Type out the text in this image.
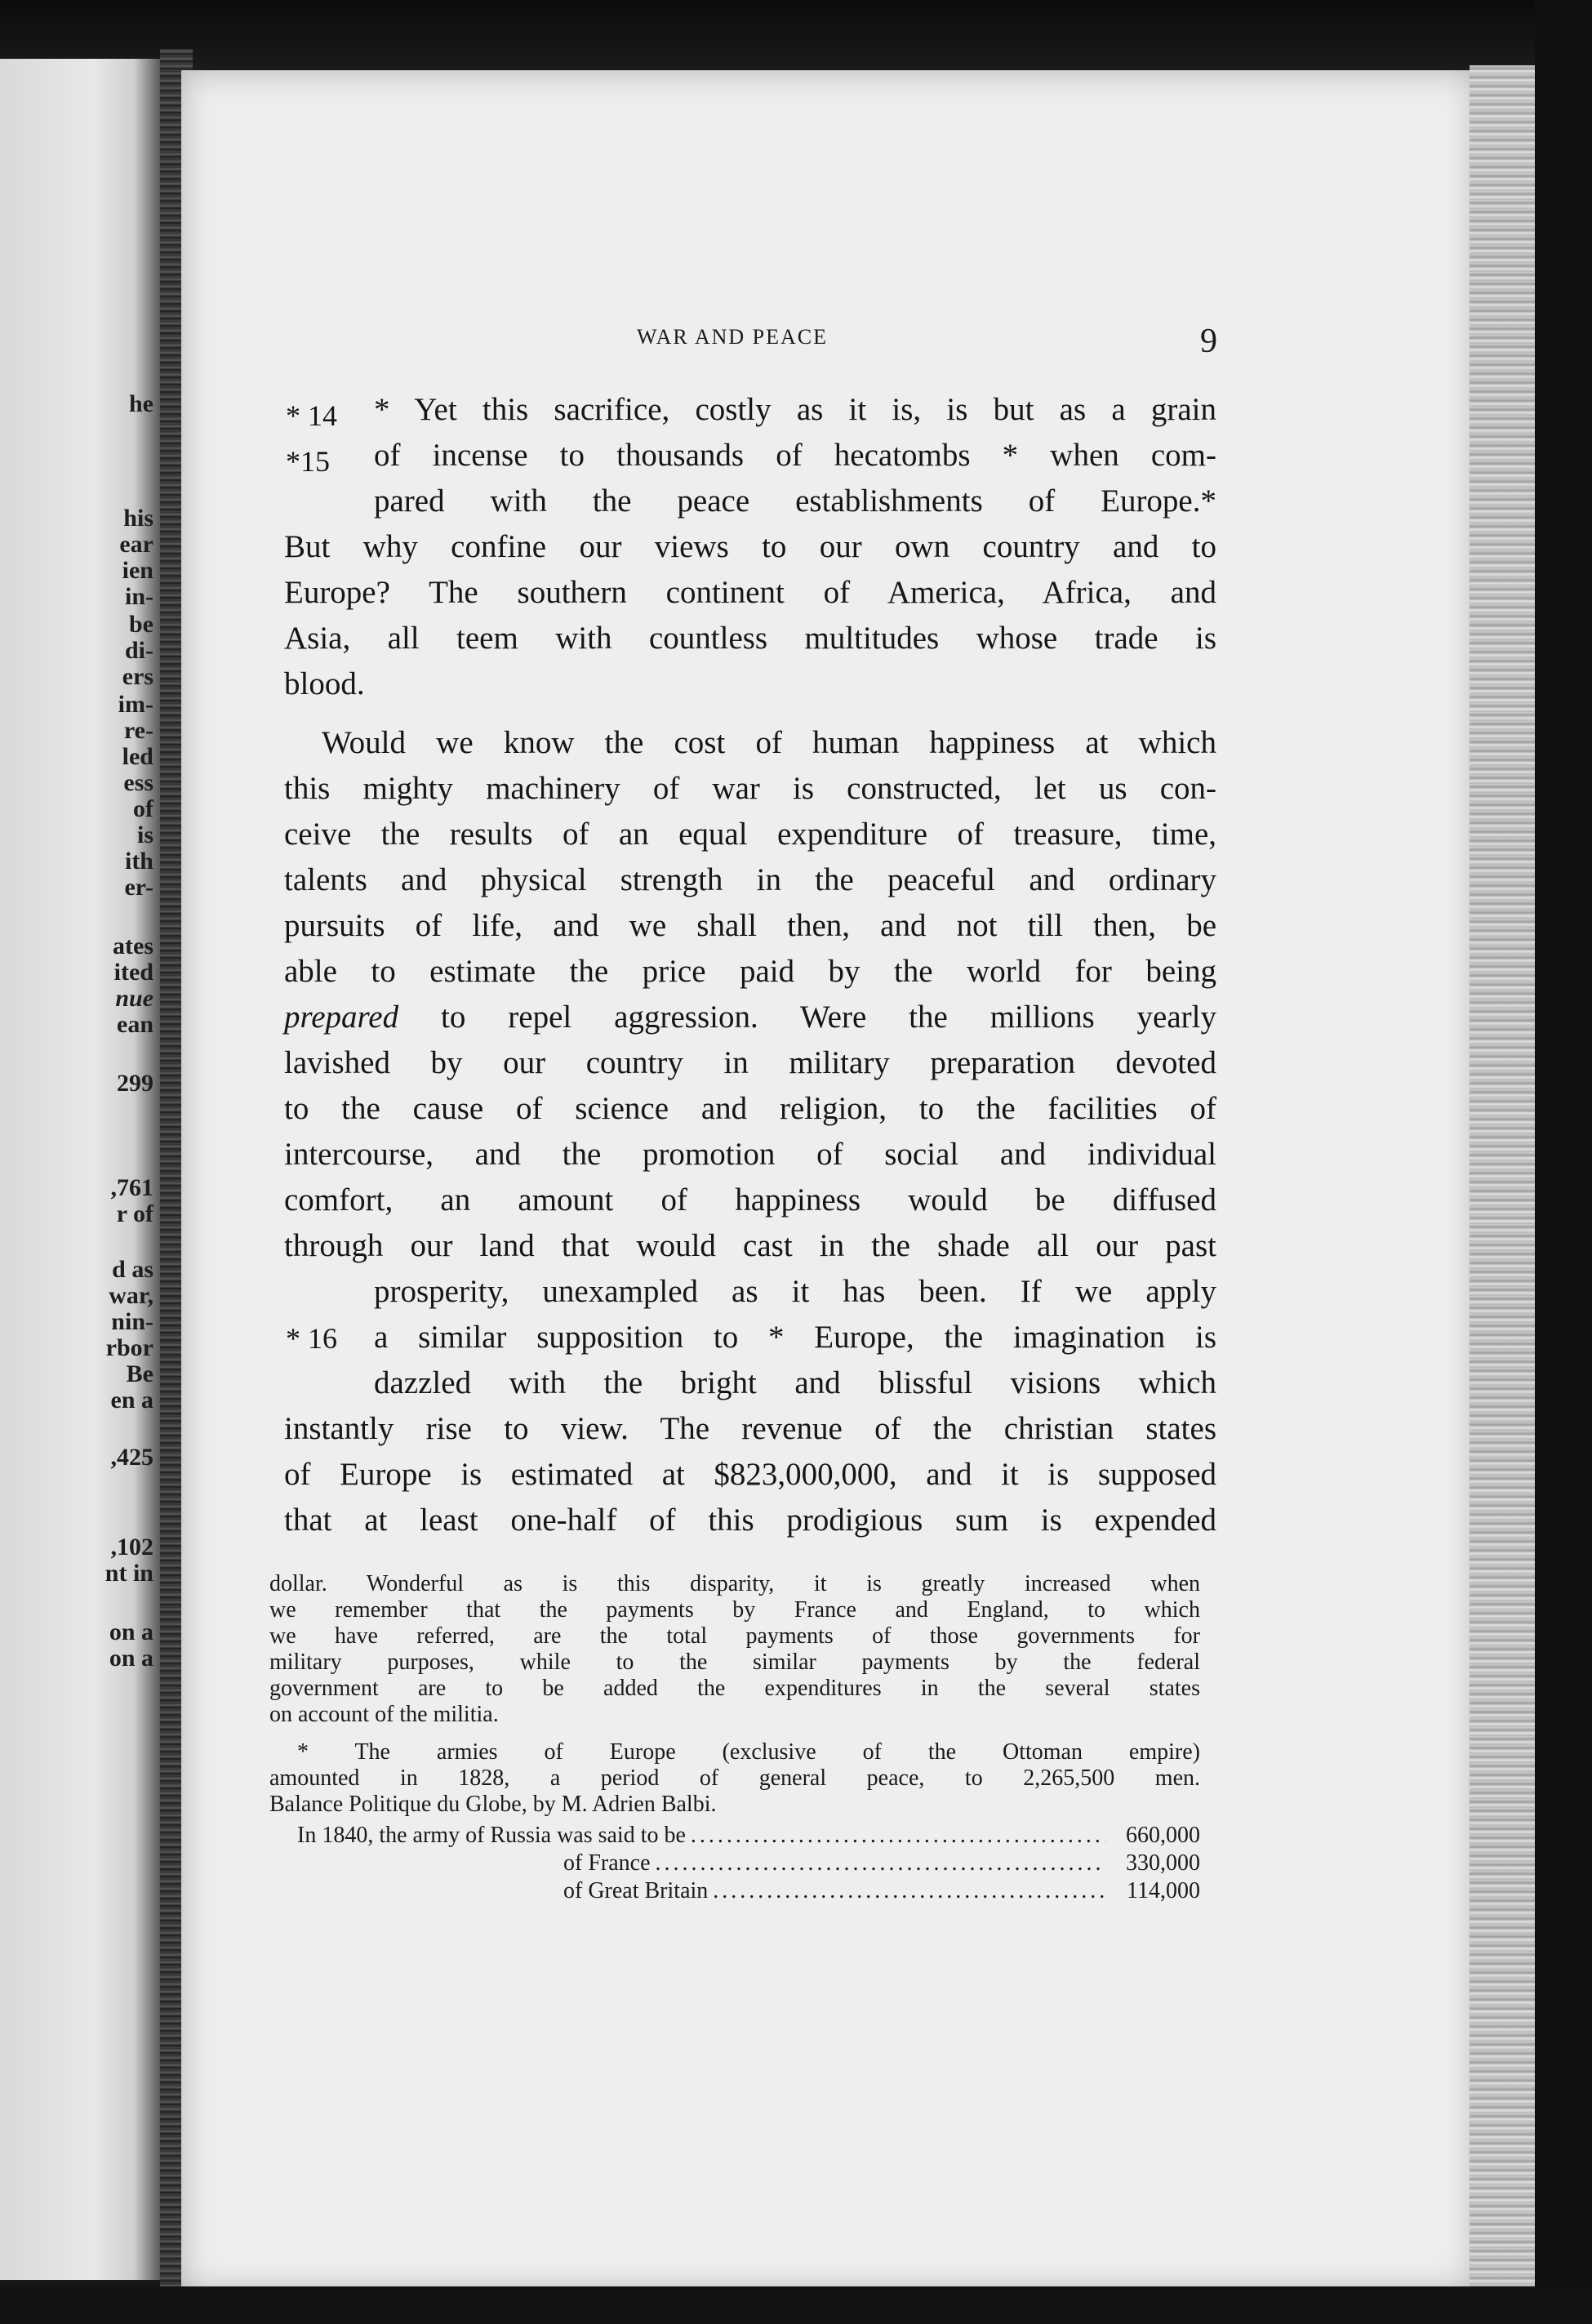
he
his
ear
ien
in-
be
di-
ers
im-
re-
led
ess
of
is
ith
er-
ates
ited
nue
ean
299
,761
r of
d as
war,
nin-
rbor
Be
en a
,425
,102
nt in
on a
on a
WAR AND PEACE	9
* 14
*15
* 16
* Yet this sacrifice, costly as it is, is but as a grain
of incense to thousands of hecatombs * when com-
pared with the peace establishments of Europe.*
But why confine our views to our own country and to
Europe? The southern continent of America, Africa, and
Asia, all teem with countless multitudes whose trade is
blood.
Would we know the cost of human happiness at which
this mighty machinery of war is constructed, let us con-
ceive the results of an equal expenditure of treasure, time,
talents and physical strength in the peaceful and ordinary
pursuits of life, and we shall then, and not till then, be
able to estimate the price paid by the world for being
prepared to repel aggression. Were the millions yearly
lavished by our country in military preparation devoted
to the cause of science and religion, to the facilities of
intercourse, and the promotion of social and individual
comfort, an amount of happiness would be diffused
through our land that would cast in the shade all our past
prosperity, unexampled as it has been. If we apply
a similar supposition to * Europe, the imagination is
dazzled with the bright and blissful visions which
instantly rise to view. The revenue of the christian states
of Europe is estimated at $823,000,000, and it is supposed
that at least one-half of this prodigious sum is expended
dollar. Wonderful as is this disparity, it is greatly increased when
we remember that the payments by France and England, to which
we have referred, are the total payments of those governments for
military purposes, while to the similar payments by the federal
government are to be added the expenditures in the several states
on account of the militia.
* The armies of Europe (exclusive of the Ottoman empire)
amounted in 1828, a period of general peace, to 2,265,500 men.
Balance Politique du Globe, by M. Adrien Balbi.
In 1840, the army of Russia was said to be .....	660,000
of France .....	330,000
of Great Britain .....	114,000
